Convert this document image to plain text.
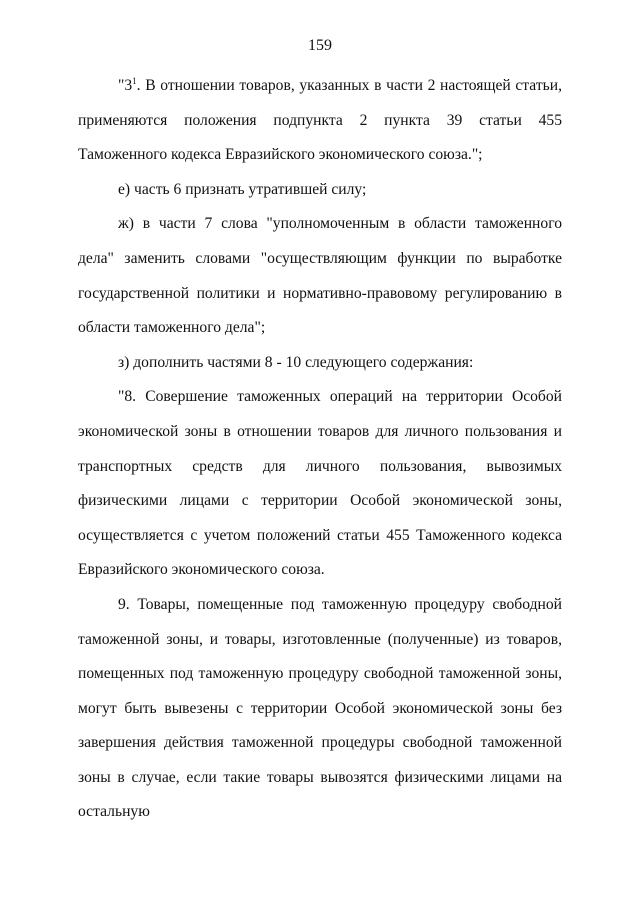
159

"$3^1$. В отношении товаров, указанных в части 2 настоящей статьи, применяются положения подпункта 2 пункта 39 статьи 455 Таможенного кодекса Евразийского экономического союза.";

е) часть 6 признать утратившей силу;

ж) в части 7 слова "уполномоченным в области таможенного дела" заменить словами "осуществляющим функции по выработке государственной политики и нормативно-правовому регулированию в области таможенного дела";

з) дополнить частями 8 - 10 следующего содержания:

"8. Совершение таможенных операций на территории Особой экономической зоны в отношении товаров для личного пользования и транспортных средств для личного пользования, вывозимых физическими лицами с территории Особой экономической зоны, осуществляется с учетом положений статьи 455 Таможенного кодекса Евразийского экономического союза.

9. Товары, помещенные под таможенную процедуру свободной таможенной зоны, и товары, изготовленные (полученные) из товаров, помещенных под таможенную процедуру свободной таможенной зоны, могут быть вывезены с территории Особой экономической зоны без завершения действия таможенной процедуры свободной таможенной зоны в случае, если такие товары вывозятся физическими лицами на остальную
